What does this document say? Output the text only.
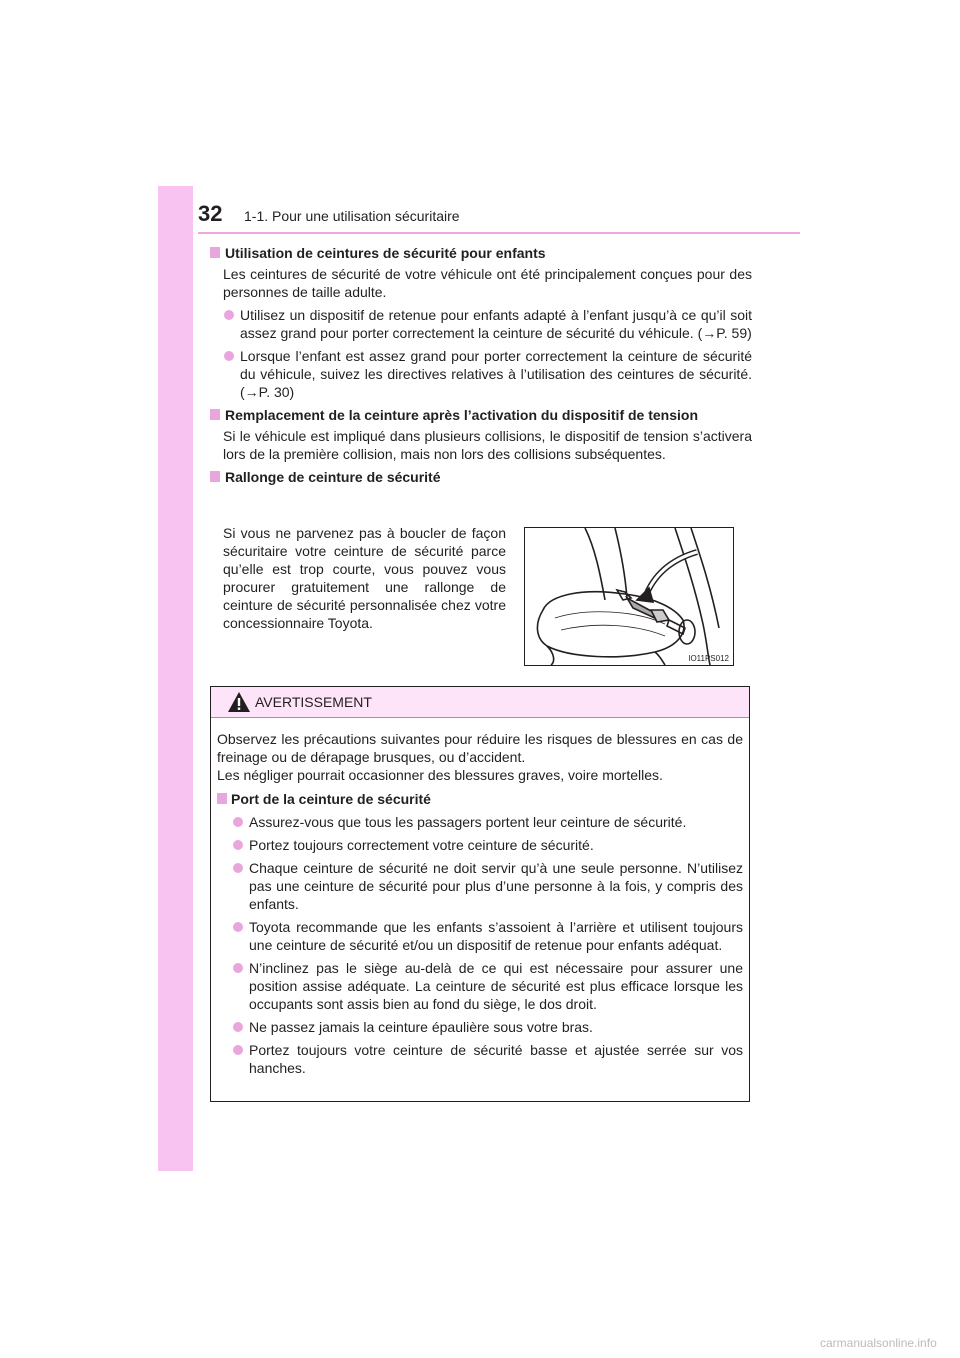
32 1-1. Pour une utilisation sécuritaire
Utilisation de ceintures de sécurité pour enfants
Les ceintures de sécurité de votre véhicule ont été principalement conçues pour des personnes de taille adulte.
Utilisez un dispositif de retenue pour enfants adapté à l’enfant jusqu’à ce qu’il soit assez grand pour porter correctement la ceinture de sécurité du véhicule. (→P. 59)
Lorsque l’enfant est assez grand pour porter correctement la ceinture de sécurité du véhicule, suivez les directives relatives à l’utilisation des ceintures de sécurité. (→P. 30)
Remplacement de la ceinture après l’activation du dispositif de tension
Si le véhicule est impliqué dans plusieurs collisions, le dispositif de tension s’activera lors de la première collision, mais non lors des collisions subséquentes.
Rallonge de ceinture de sécurité
Si vous ne parvenez pas à boucler de façon sécuritaire votre ceinture de sécurité parce qu’elle est trop courte, vous pouvez vous procurer gratuitement une rallonge de ceinture de sécurité personnalisée chez votre concessionnaire Toyota.
IO11PS012
AVERTISSEMENT
Observez les précautions suivantes pour réduire les risques de blessures en cas de freinage ou de dérapage brusques, ou d’accident.
Les négliger pourrait occasionner des blessures graves, voire mortelles.
Port de la ceinture de sécurité
Assurez-vous que tous les passagers portent leur ceinture de sécurité.
Portez toujours correctement votre ceinture de sécurité.
Chaque ceinture de sécurité ne doit servir qu’à une seule personne. N’utilisez pas une ceinture de sécurité pour plus d’une personne à la fois, y compris des enfants.
Toyota recommande que les enfants s’assoient à l’arrière et utilisent toujours une ceinture de sécurité et/ou un dispositif de retenue pour enfants adéquat.
N’inclinez pas le siège au-delà de ce qui est nécessaire pour assurer une position assise adéquate. La ceinture de sécurité est plus efficace lorsque les occupants sont assis bien au fond du siège, le dos droit.
Ne passez jamais la ceinture épaulière sous votre bras.
Portez toujours votre ceinture de sécurité basse et ajustée serrée sur vos hanches.
carmanualsonline.info
